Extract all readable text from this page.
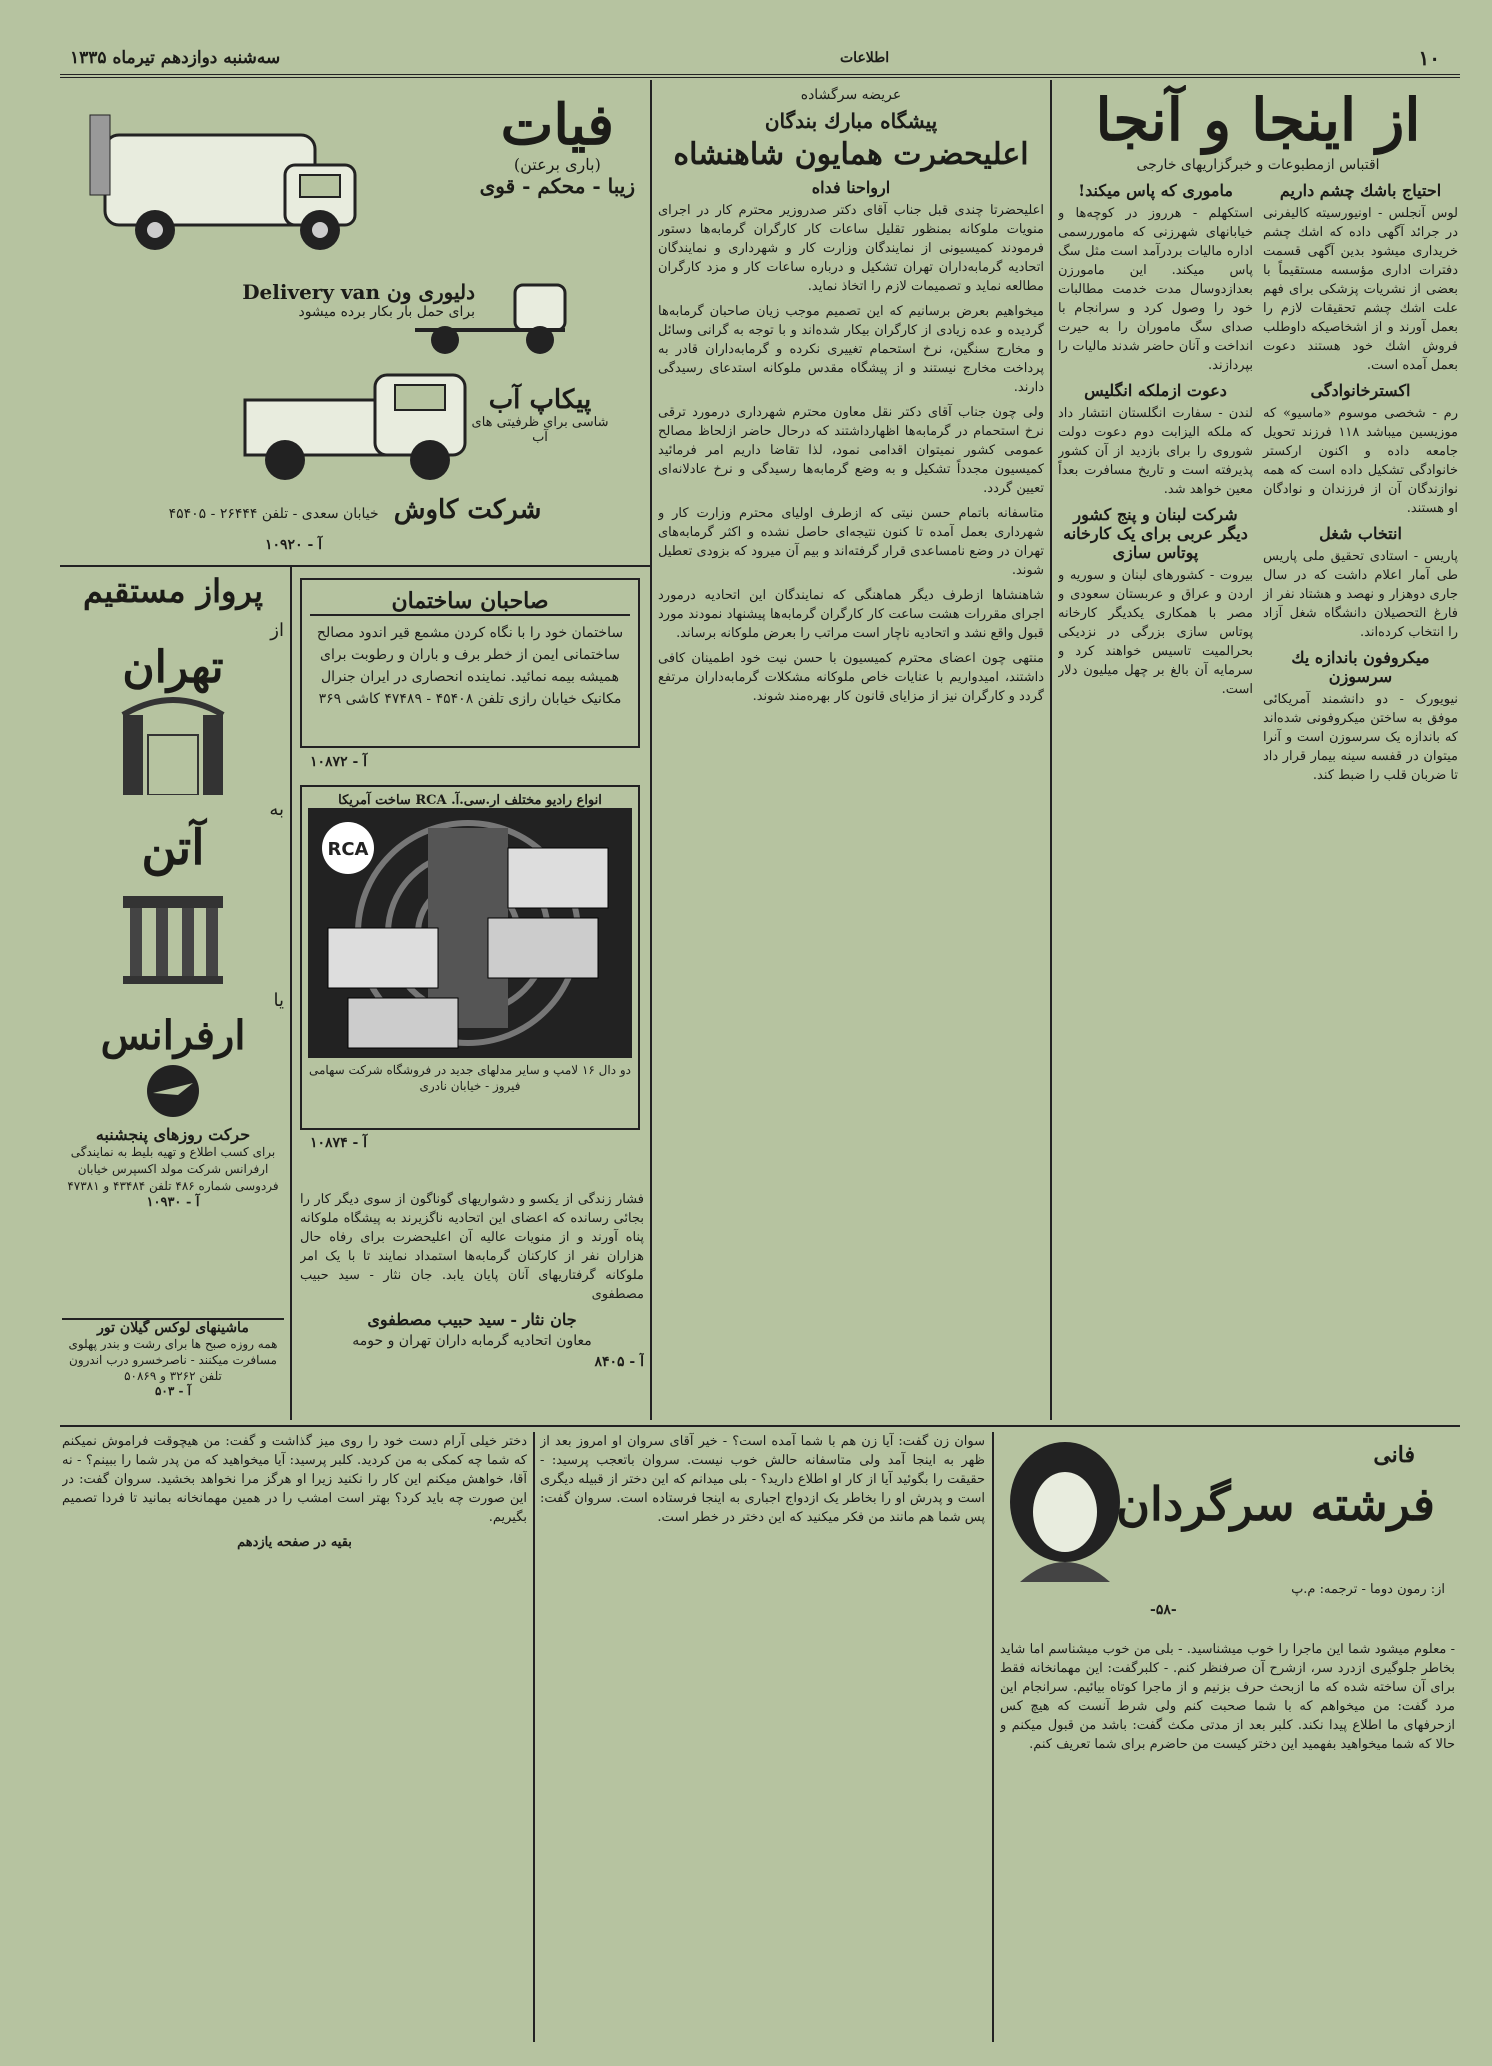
سه‌شنبه دوازدهم تیرماه ۱۳۳۵	اطلاعات	۱۰

از اینجا و آنجا

اقتباس ازمطبوعات و خبرگزاریهای خارجی

احتیاج باشك چشم داریم

لوس آنجلس - اونیورسیته کالیفرنی در جرائد آگهی داده که اشك چشم خریداری میشود بدین آگهی قسمت دفترات اداری مؤسسه مستقیماً با بعضی از نشریات پزشکی برای فهم علت اشك چشم تحقیقات لازم را بعمل آورند و از اشخاصیکه داوطلب فروش اشك خود هستند دعوت بعمل آمده است.

اکسترخانوادگی

رم - شخصی موسوم «ماسیو» که موزیسین میباشد ۱۱۸ فرزند تحویل جامعه داده و اکنون ارکستر خانوادگی تشکیل داده است که همه نوازندگان آن از فرزندان و نوادگان او هستند.

انتخاب شغل

پاریس - استادی تحقیق ملی پاریس طی آمار اعلام داشت که در سال جاری دوهزار و نهصد و هشتاد نفر از فارغ التحصیلان دانشگاه شغل آزاد را انتخاب کرده‌اند.

میکروفون باندازه یك سرسوزن

نیویورک - دو دانشمند آمریکائی موفق به ساختن میکروفونی شده‌اند که باندازه یک سرسوزن است و آنرا میتوان در قفسه سینه بیمار قرار داد تا ضربان قلب را ضبط کند.

ماموری که پاس میکند!

استکهلم - هرروز در کوچه‌ها و خیابانهای شهرزنی که ماموررسمی اداره مالیات بردرآمد است مثل سگ پاس میکند. این مامورزن بعدازدوسال مدت خدمت مطالبات خود را وصول کرد و سرانجام با صدای سگ ماموران را به حیرت انداخت و آنان حاضر شدند مالیات را بپردازند.

دعوت ازملکه انگلیس

لندن - سفارت انگلستان انتشار داد که ملکه الیزابت دوم دعوت دولت شوروی را برای بازدید از آن کشور پذیرفته است و تاریخ مسافرت بعداً معین خواهد شد.

شرکت لبنان و پنج کشور دیگر عربی برای یک کارخانه پوتاس سازی

بیروت - کشورهای لبنان و سوریه و اردن و عراق و عربستان سعودی و مصر با همکاری یکدیگر کارخانه پوتاس سازی بزرگی در نزدیکی بحرالمیت تاسیس خواهند کرد و سرمایه آن بالغ بر چهل میلیون دلار است.

عریضه سرگشاده

پیشگاه مبارك بندگان

اعلیحضرت همایون شاهنشاه

ارواحنا فداه

اعلیحضرتا چندی قبل جناب آقای دکتر صدروزیر محترم کار در اجرای منویات ملوکانه بمنظور تقلیل ساعات کار کارگران گرمابه‌ها دستور فرمودند کمیسیونی از نمایندگان وزارت کار و شهرداری و نمایندگان اتحادیه گرمابه‌داران تهران تشکیل و درباره ساعات کار و مزد کارگران مطالعه نماید و تصمیمات لازم را اتخاذ نماید.

میخواهیم بعرض برسانیم که این تصمیم موجب زیان صاحبان گرمابه‌ها گردیده و عده زیادی از کارگران بیکار شده‌اند و با توجه به گرانی وسائل و مخارج سنگین، نرخ استحمام تغییری نکرده و گرمابه‌داران قادر به پرداخت مخارج نیستند و از پیشگاه مقدس ملوکانه استدعای رسیدگی دارند.

ولی چون جناب آقای دکتر نقل معاون محترم شهرداری درمورد ترقی نرخ استحمام در گرمابه‌ها اظهارداشتند که درحال حاضر ازلحاظ مصالح عمومی کشور نمیتوان اقدامی نمود، لذا تقاضا داریم امر فرمائید کمیسیون مجدداً تشکیل و به وضع گرمابه‌ها رسیدگی و نرخ عادلانه‌ای تعیین گردد.

متاسفانه باتمام حسن نیتی که ازطرف اولیای محترم وزارت کار و شهرداری بعمل آمده تا کنون نتیجه‌ای حاصل نشده و اکثر گرمابه‌های تهران در وضع نامساعدی قرار گرفته‌اند و بیم آن میرود که بزودی تعطیل شوند.

شاهنشاها ازطرف دیگر هماهنگی که نمایندگان این اتحادیه درمورد اجرای مقررات هشت ساعت کار کارگران گرمابه‌ها پیشنهاد نمودند مورد قبول واقع نشد و اتحادیه ناچار است مراتب را بعرض ملوکانه برساند.

منتهی چون اعضای محترم کمیسیون با حسن نیت خود اطمینان کافی داشتند، امیدواریم با عنایات خاص ملوکانه مشکلات گرمابه‌داران مرتفع گردد و کارگران نیز از مزایای قانون کار بهره‌مند شوند.

فشار زندگی از یکسو و دشواریهای گوناگون از سوی دیگر کار را بجائی رسانده که اعضای این اتحادیه ناگزیرند به پیشگاه ملوکانه پناه آورند و از منویات عالیه آن اعلیحضرت برای رفاه حال هزاران نفر از کارکنان گرمابه‌ها استمداد نمایند تا با یک امر ملوکانه گرفتاریهای آنان پایان یابد. جان نثار - سید حبیب مصطفوی

جان نثار - سید حبیب مصطفوی

معاون اتحادیه گرمابه داران تهران و حومه

آ - ۸۴۰۵
فیات
(باری برعتن)
زیبا - محکم - قوی
دلیوری ون Delivery van
برای حمل بار بکار برده میشود
پیکاپ آب
شاسی برای ظرفیتی های آب
شرکت کاوش خیابان سعدی - تلفن ۲۶۴۴۴ - ۴۵۴۰۵
آ - ۱۰۹۲۰
صاحبان ساختمان
ساختمان خود را با نگاه کردن مشمع قیر اندود مصالح ساختمانی ایمن از خطر برف و باران و رطوبت برای همیشه بیمه نمائید. نماینده انحصاری در ایران جنرال مکانیک خیابان رازی تلفن ۴۵۴۰۸ - ۴۷۴۸۹ کاشی ۳۶۹
آ - ۱۰۸۷۲
انواع رادیو مختلف ار.سی.آ. RCA ساخت آمریکا
RCA
دو دال ۱۶ لامپ و سایر مدلهای جدید در فروشگاه شرکت سهامی فیروز - خیابان نادری
آ - ۱۰۸۷۴
پرواز مستقیم
از
تهران
به
آتن
یا
ارفرانس
حرکت روزهای پنجشنبه
برای کسب اطلاع و تهیه بلیط به نمایندگی ارفرانس شرکت مولد اکسپرس خیابان فردوسی شماره ۴۸۶ تلفن ۴۳۴۸۴ و ۴۷۳۸۱
آ - ۱۰۹۳۰
ماشینهای لوکس گیلان تور
همه روزه صبح ها برای رشت و بندر پهلوی مسافرت میکنند - ناصرخسرو درب اندرون تلفن ۳۲۶۲ و ۵۰۸۶۹
آ - ۵۰۳
فانی
فرشته سرگردان
از: رمون دوما - ترجمه: م.پ
-۵۸-

- معلوم میشود شما این ماجرا را خوب میشناسید. - بلی من خوب میشناسم اما شاید بخاطر جلوگیری ازدرد سر، ازشرح آن صرفنظر کنم. - کلبرگفت: این مهمانخانه فقط برای آن ساخته شده که ما ازبحث حرف بزنیم و از ماجرا کوتاه بیائیم. سرانجام این مرد گفت: من میخواهم که با شما صحبت کنم ولی شرط آنست که هیچ کس ازحرفهای ما اطلاع پیدا نکند. کلبر بعد از مدتی مکث گفت: باشد من قبول میکنم و حالا که شما میخواهید بفهمید این دختر کیست من حاضرم برای شما تعریف کنم.

سوان زن گفت: آیا زن هم با شما آمده است؟ - خیر آقای سروان او امروز بعد از ظهر به اینجا آمد ولی متاسفانه حالش خوب نیست. سروان باتعجب پرسید: - حقیقت را بگوئید آیا از کار او اطلاع دارید؟ - بلی میدانم که این دختر از قبیله دیگری است و پدرش او را بخاطر یک ازدواج اجباری به اینجا فرستاده است. سروان گفت: پس شما هم مانند من فکر میکنید که این دختر در خطر است.

دختر خیلی آرام دست خود را روی میز گذاشت و گفت: من هیچوقت فراموش نمیکنم که شما چه کمکی به من کردید. کلبر پرسید: آیا میخواهید که من پدر شما را ببینم؟ - نه آقا، خواهش میکنم این کار را نکنید زیرا او هرگز مرا نخواهد بخشید. سروان گفت: در این صورت چه باید کرد؟ بهتر است امشب را در همین مهمانخانه بمانید تا فردا تصمیم بگیریم.

بقیه در صفحه یازدهم
